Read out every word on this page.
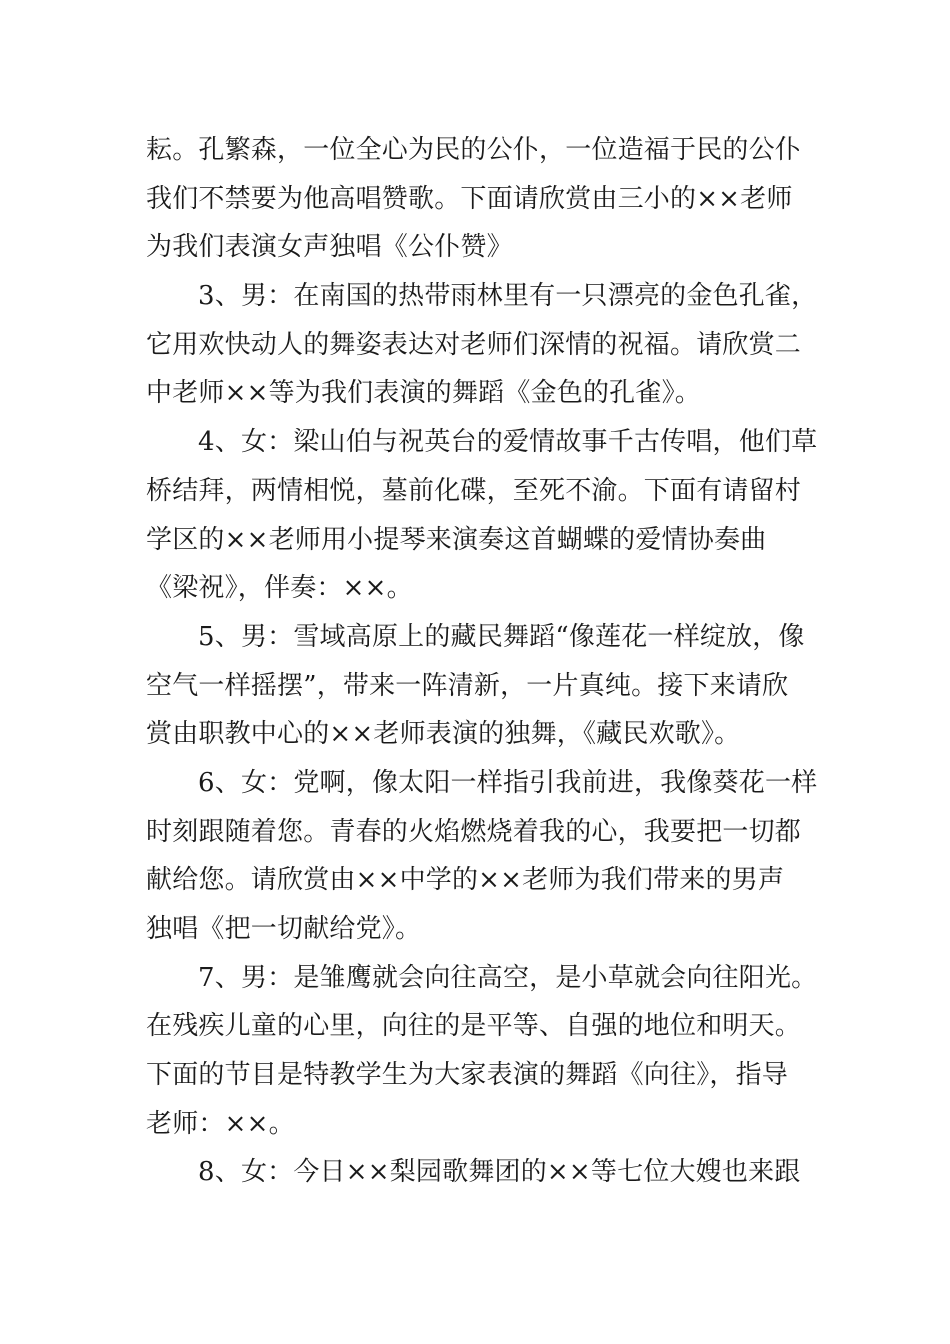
耘。孔繁森，一位全心为民的公仆，一位造福于民的公仆
我们不禁要为他高唱赞歌。下面请欣赏由三小的××老师
为我们表演女声独唱《公仆赞》
3、男：在南国的热带雨林里有一只漂亮的金色孔雀，
它用欢快动人的舞姿表达对老师们深情的祝福。请欣赏二
中老师××等为我们表演的舞蹈《金色的孔雀》。
4、女：梁山伯与祝英台的爱情故事千古传唱，他们草
桥结拜，两情相悦，墓前化碟，至死不渝。下面有请留村
学区的××老师用小提琴来演奏这首蝴蝶的爱情协奏曲
《梁祝》，伴奏：××。
5、男：雪域高原上的藏民舞蹈“像莲花一样绽放，像
空气一样摇摆”，带来一阵清新，一片真纯。接下来请欣
赏由职教中心的××老师表演的独舞，《藏民欢歌》。
6、女：党啊，像太阳一样指引我前进，我像葵花一样
时刻跟随着您。青春的火焰燃烧着我的心，我要把一切都
献给您。请欣赏由××中学的××老师为我们带来的男声
独唱《把一切献给党》。
7、男：是雏鹰就会向往高空，是小草就会向往阳光。
在残疾儿童的心里，向往的是平等、自强的地位和明天。
下面的节目是特教学生为大家表演的舞蹈《向往》，指导
老师：××。
8、女：今日××梨园歌舞团的××等七位大嫂也来跟
